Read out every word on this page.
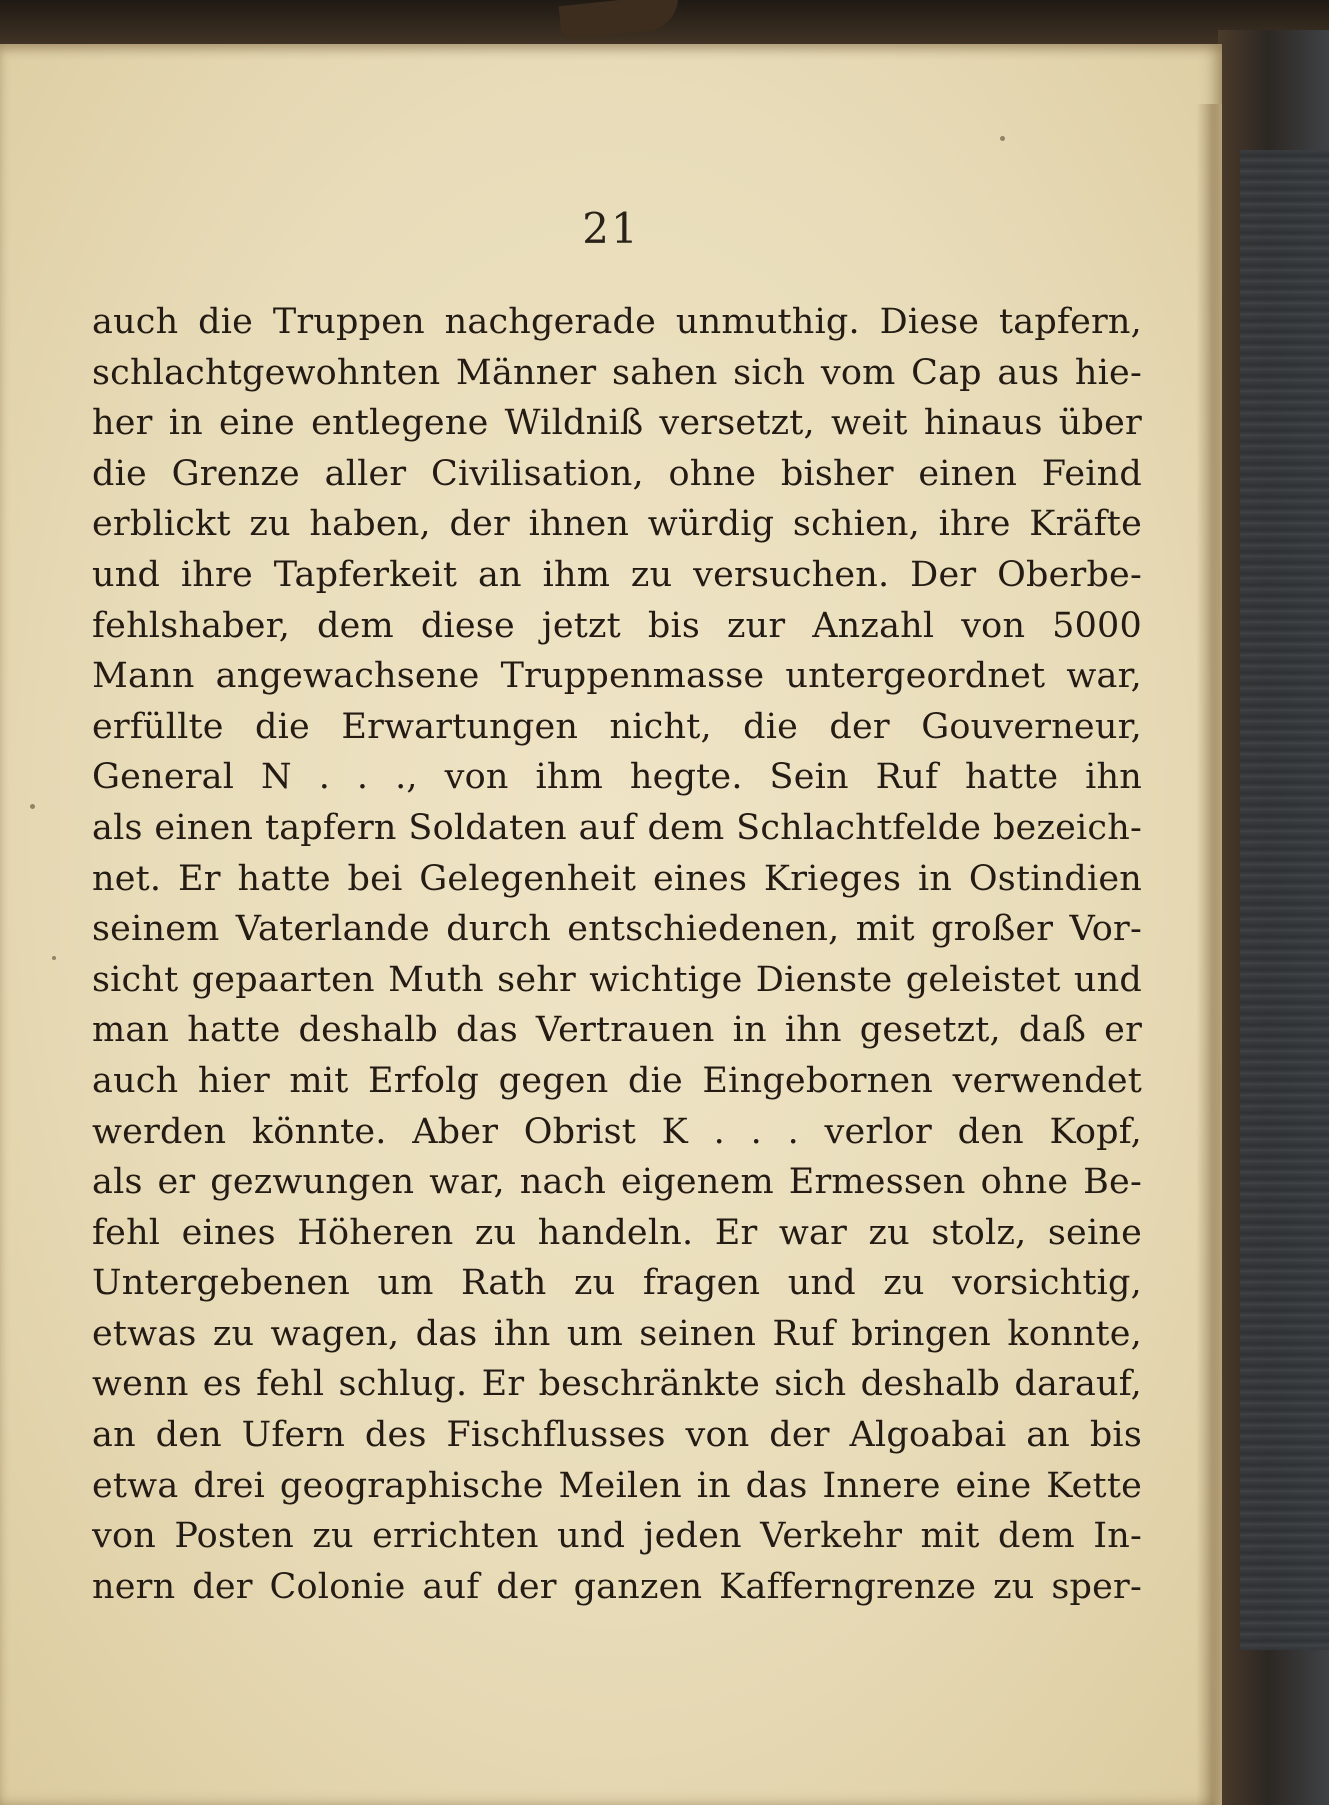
21
auch die Truppen nachgerade unmuthig. Diese tapfern,
schlachtgewohnten Männer sahen sich vom Cap aus hie-
her in eine entlegene Wildniß versetzt, weit hinaus über
die Grenze aller Civilisation, ohne bisher einen Feind
erblickt zu haben, der ihnen würdig schien, ihre Kräfte
und ihre Tapferkeit an ihm zu versuchen. Der Oberbe-
fehlshaber, dem diese jetzt bis zur Anzahl von 5000
Mann angewachsene Truppenmasse untergeordnet war,
erfüllte die Erwartungen nicht, die der Gouverneur,
General N . . ., von ihm hegte. Sein Ruf hatte ihn
als einen tapfern Soldaten auf dem Schlachtfelde bezeich-
net. Er hatte bei Gelegenheit eines Krieges in Ostindien
seinem Vaterlande durch entschiedenen, mit großer Vor-
sicht gepaarten Muth sehr wichtige Dienste geleistet und
man hatte deshalb das Vertrauen in ihn gesetzt, daß er
auch hier mit Erfolg gegen die Eingebornen verwendet
werden könnte. Aber Obrist K . . . verlor den Kopf,
als er gezwungen war, nach eigenem Ermessen ohne Be-
fehl eines Höheren zu handeln. Er war zu stolz, seine
Untergebenen um Rath zu fragen und zu vorsichtig,
etwas zu wagen, das ihn um seinen Ruf bringen konnte,
wenn es fehl schlug. Er beschränkte sich deshalb darauf,
an den Ufern des Fischflusses von der Algoabai an bis
etwa drei geographische Meilen in das Innere eine Kette
von Posten zu errichten und jeden Verkehr mit dem In-
nern der Colonie auf der ganzen Kafferngrenze zu sper-
